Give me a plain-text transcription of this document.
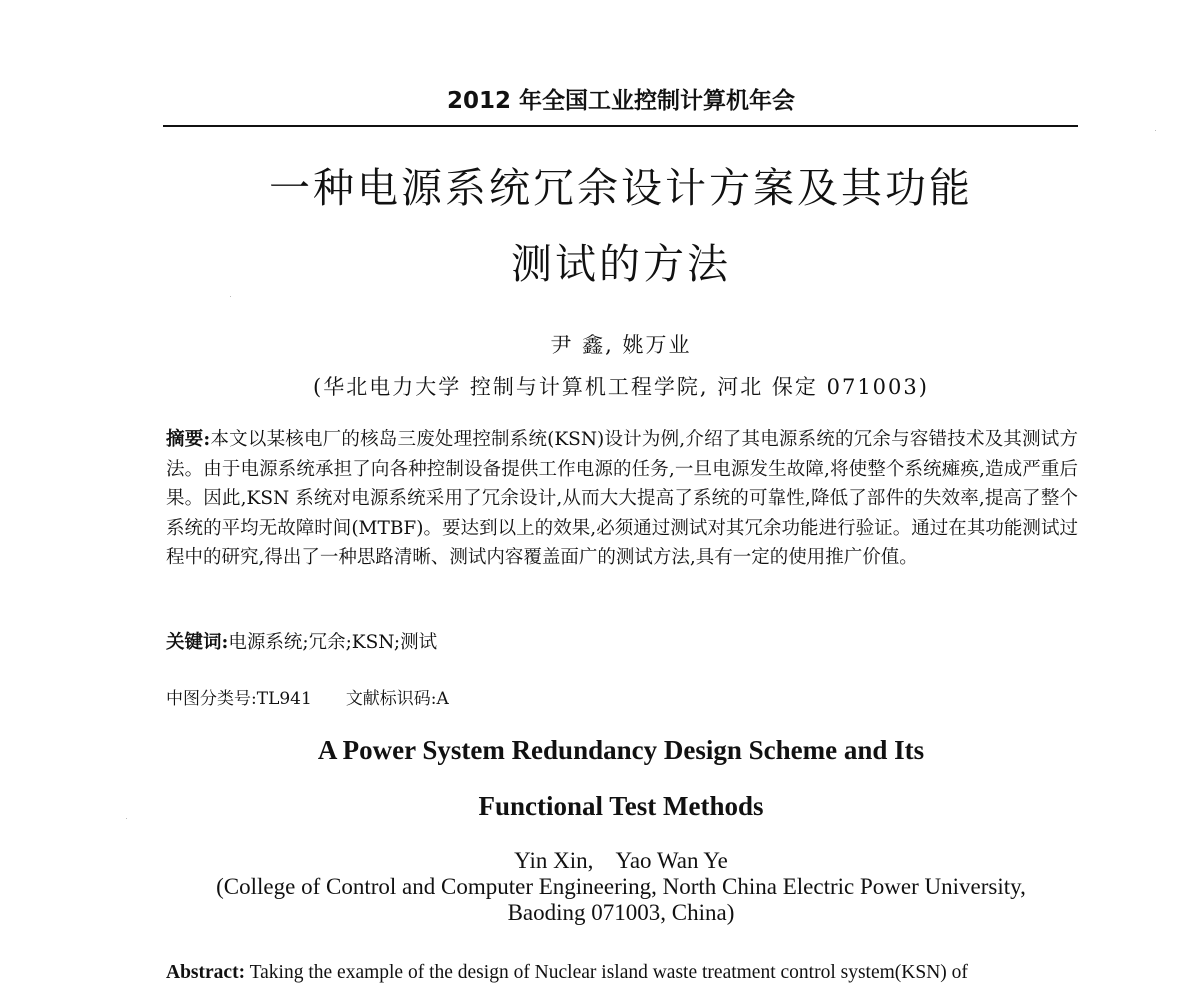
2012 年全国工业控制计算机年会
一种电源系统冗余设计方案及其功能
测试的方法
尹 鑫, 姚万业
(华北电力大学 控制与计算机工程学院, 河北 保定 071003)
摘要:本文以某核电厂的核岛三废处理控制系统(KSN)设计为例,介绍了其电源系统的冗余与容错技术及其测试方法。由于电源系统承担了向各种控制设备提供工作电源的任务,一旦电源发生故障,将使整个系统瘫痪,造成严重后果。因此,KSN 系统对电源系统采用了冗余设计,从而大大提高了系统的可靠性,降低了部件的失效率,提高了整个系统的平均无故障时间(MTBF)。要达到以上的效果,必须通过测试对其冗余功能进行验证。通过在其功能测试过程中的研究,得出了一种思路清晰、测试内容覆盖面广的测试方法,具有一定的使用推广价值。
关键词:电源系统;冗余;KSN;测试
中图分类号:TL941 文献标识码:A
A Power System Redundancy Design Scheme and Its
Functional Test Methods
Yin Xin,    Yao Wan Ye
(College of Control and Computer Engineering, North China Electric Power University,
Baoding 071003, China)
Abstract: Taking the example of the design of Nuclear island waste treatment control system(KSN) of
